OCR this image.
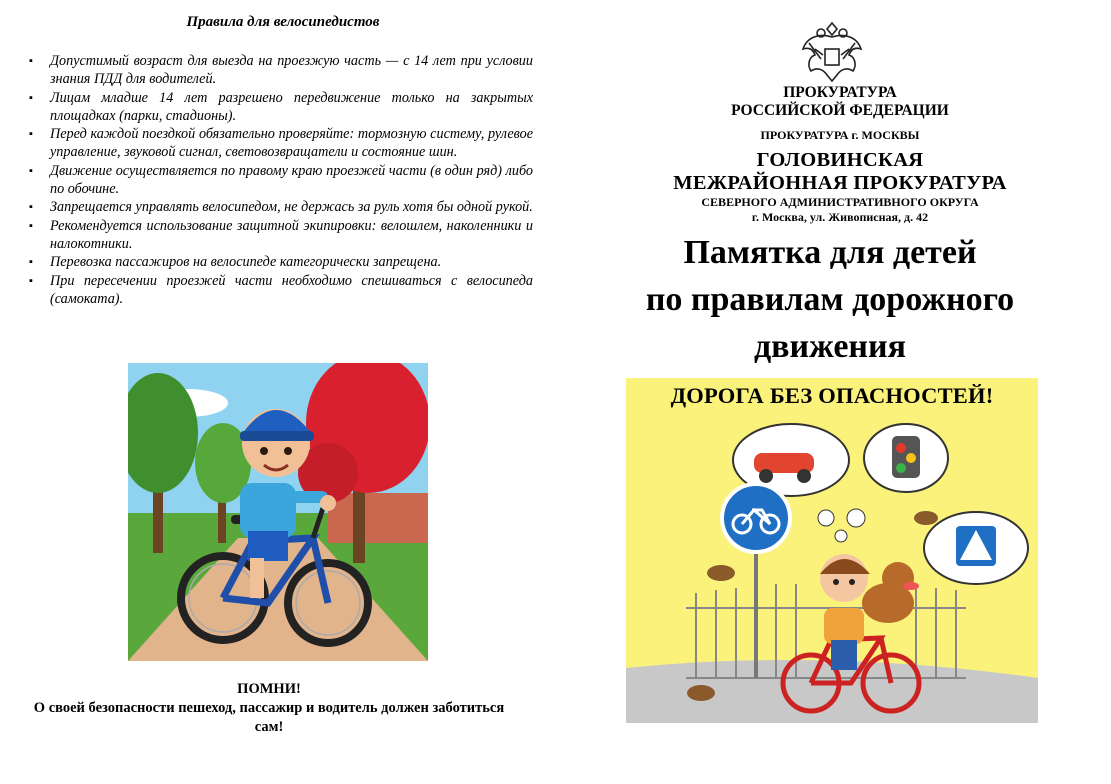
Правила для велосипедистов
▪ Допустимый возраст для выезда на проезжую часть — с 14 лет при условии знания ПДД для водителей.
▪ Лицам младше 14 лет разрешено передвижение только на закрытых площадках (парки, стадионы).
▪ Перед каждой поездкой обязательно проверяйте: тормозную систему, рулевое управление, звуковой сигнал, световозвращатели и состояние шин.
▪ Движение осуществляется по правому краю проезжей части (в один ряд) либо по обочине.
▪ Запрещается управлять велосипедом, не держась за руль хотя бы одной рукой.
▪ Рекомендуется использование защитной экипировки: велошлем, наколенники и налокотники.
▪ Перевозка пассажиров на велосипеде категорически запрещена.
▪ При пересечении проезжей части необходимо спешиваться с велосипеда (самоката).
ПОМНИ!
О своей безопасности пешеход, пассажир и водитель должен заботиться сам!
ПРОКУРАТУРА
РОССИЙСКОЙ ФЕДЕРАЦИИ
ПРОКУРАТУРА г. МОСКВЫ
ГОЛОВИНСКАЯ
МЕЖРАЙОННАЯ ПРОКУРАТУРА
СЕВЕРНОГО АДМИНИСТРАТИВНОГО ОКРУГА
г. Москва, ул. Живописная, д. 42
Памятка для детей
по правилам дорожного
движения
ДОРОГА БЕЗ ОПАСНОСТЕЙ!
